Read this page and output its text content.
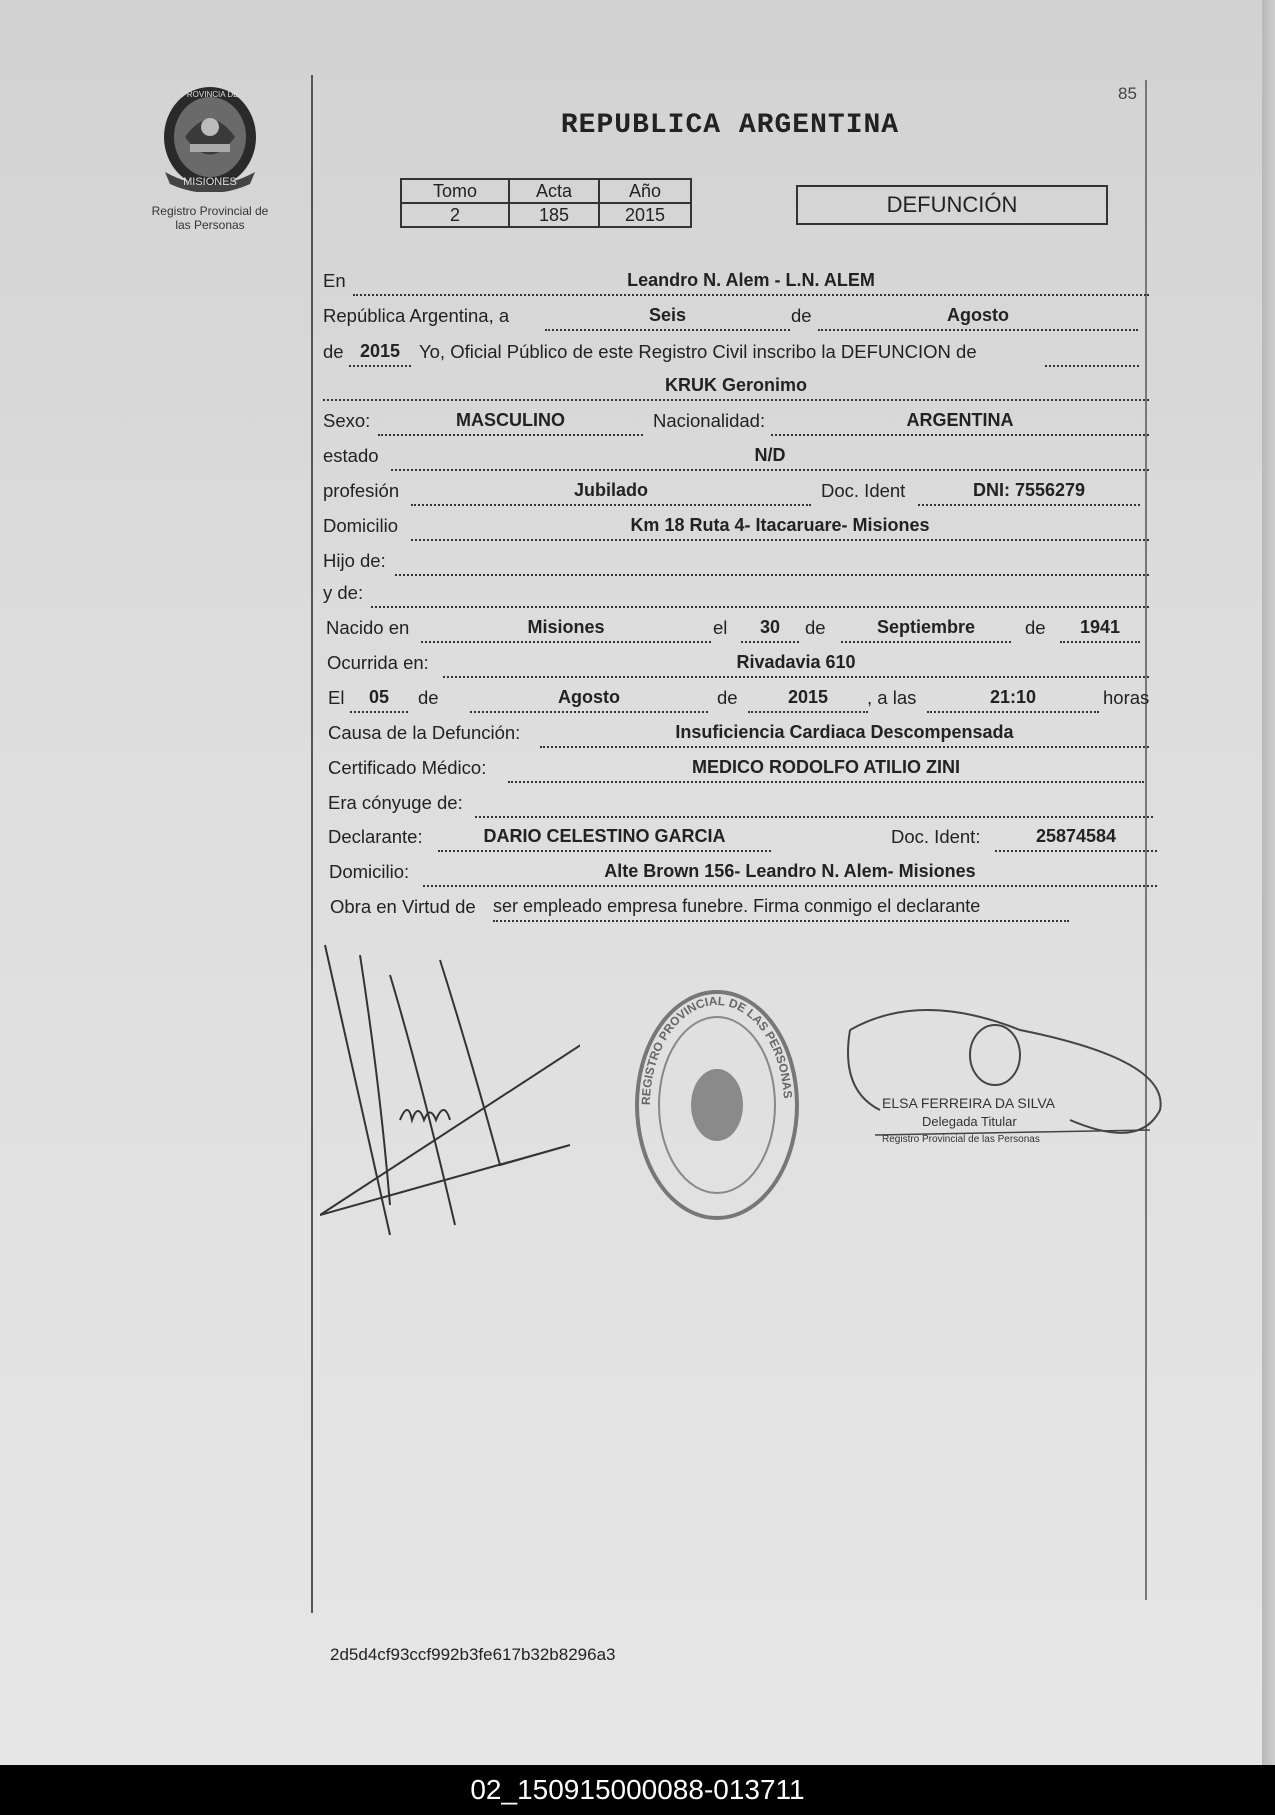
MISIONES
PROVINCIA DE
Registro Provincial de
las Personas
85
REPUBLICA ARGENTINA
Tomo	Acta	Año
2	185	2015	DEFUNCIÓN
En	Leandro N. Alem - L.N. ALEM
República Argentina, a	Seis	de	Agosto
de 2015	Yo, Oficial Público de este Registro Civil inscribo la DEFUNCION de
KRUK Geronimo
Sexo:	MASCULINO	Nacionalidad:	ARGENTINA
estado	N/D
profesión	Jubilado	Doc. Ident	DNI: 7556279
Domicilio	Km 18 Ruta 4- Itacaruare- Misiones
Hijo de:
y de:
Nacido en	Misiones	el	30	de	Septiembre	de	1941
Ocurrida en:	Rivadavia 610
El	05	de	Agosto	de	2015	, a las	21:10	horas
Causa de la Defunción:	Insuficiencia Cardiaca Descompensada
Certificado Médico:	MEDICO RODOLFO ATILIO ZINI
Era cónyuge de:
Declarante:	DARIO CELESTINO GARCIA	Doc. Ident:	25874584
Domicilio:	Alte Brown 156- Leandro N. Alem- Misiones
Obra en Virtud de ser empleado empresa funebre. Firma conmigo el declarante
REGISTRO PROVINCIAL DE LAS PERSONAS
ELSA FERREIRA DA SILVA
Delegada Titular
Registro Provincial de las Personas
2d5d4cf93ccf992b3fe617b32b8296a3
02_150915000088-013711
